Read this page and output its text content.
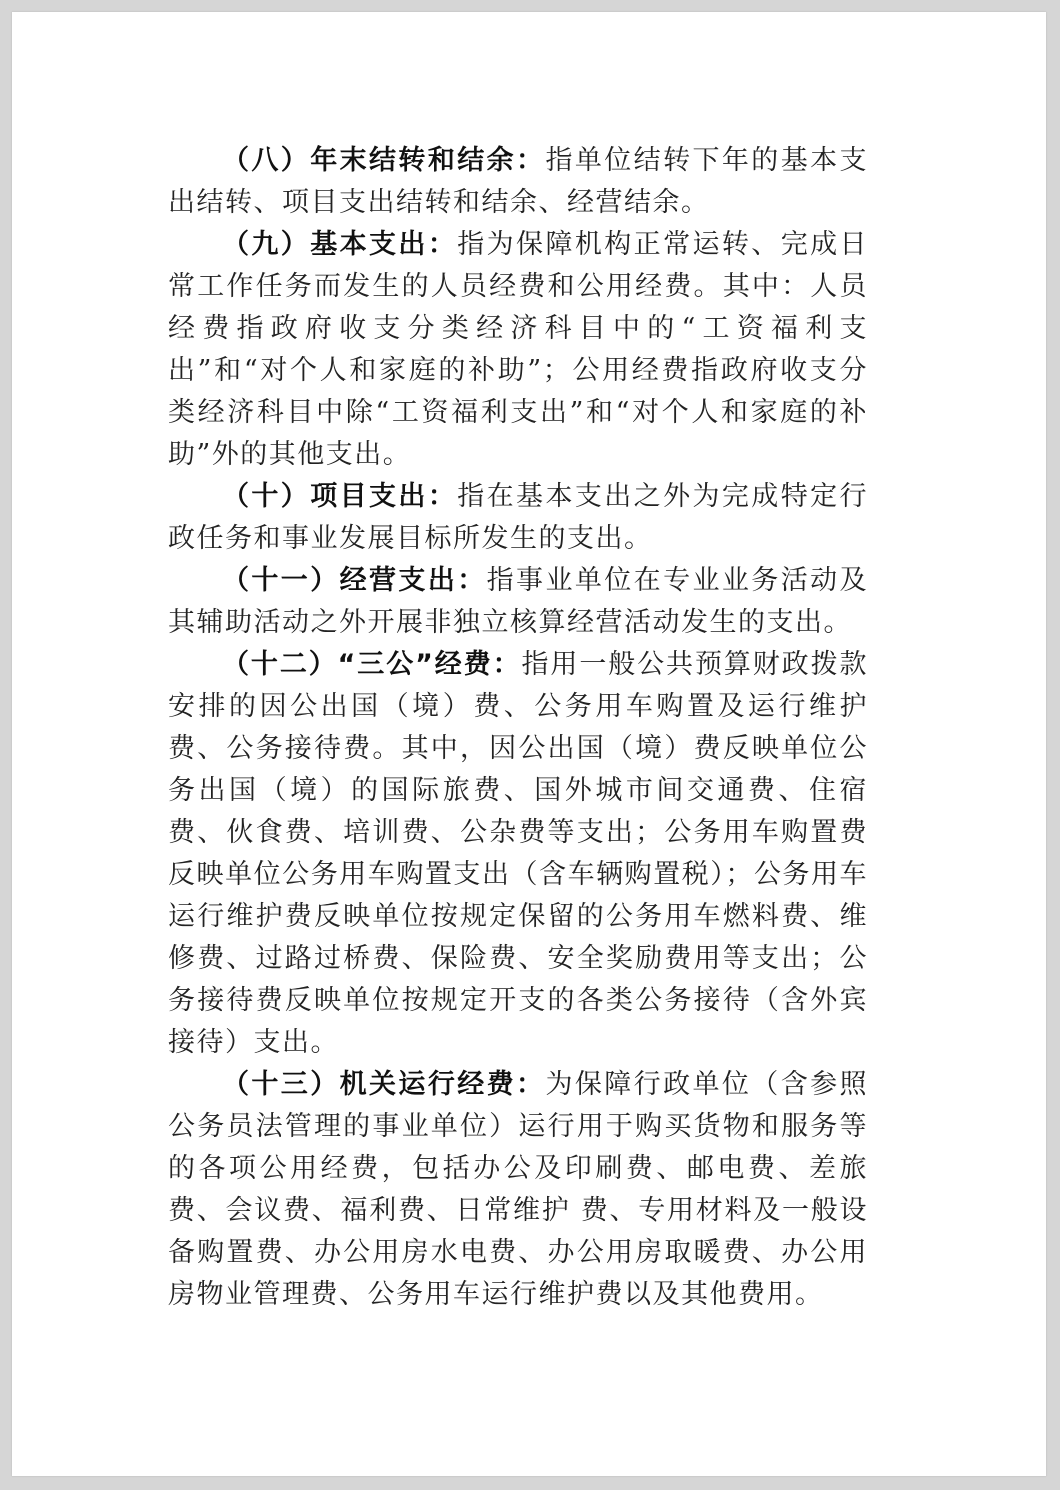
（八）年末结转和结余：指单位结转下年的基本支出结转、项目支出结转和结余、经营结余。

（九）基本支出：指为保障机构正常运转、完成日常工作任务而发生的人员经费和公用经费。其中：人员经费指政府收支分类经济科目中的“工资福利支出”和“对个人和家庭的补助”；公用经费指政府收支分类经济科目中除“工资福利支出”和“对个人和家庭的补助”外的其他支出。

（十）项目支出：指在基本支出之外为完成特定行政任务和事业发展目标所发生的支出。

（十一）经营支出：指事业单位在专业业务活动及其辅助活动之外开展非独立核算经营活动发生的支出。

（十二）“三公”经费：指用一般公共预算财政拨款安排的因公出国（境）费、公务用车购置及运行维护费、公务接待费。其中，因公出国（境）费反映单位公务出国（境）的国际旅费、国外城市间交通费、住宿费、伙食费、培训费、公杂费等支出；公务用车购置费反映单位公务用车购置支出（含车辆购置税）；公务用车运行维护费反映单位按规定保留的公务用车燃料费、维修费、过路过桥费、保险费、安全奖励费用等支出；公务接待费反映单位按规定开支的各类公务接待（含外宾接待）支出。

（十三）机关运行经费：为保障行政单位（含参照公务员法管理的事业单位）运行用于购买货物和服务等的各项公用经费，包括办公及印刷费、邮电费、差旅费、会议费、福利费、日常维护 费、专用材料及一般设备购置费、办公用房水电费、办公用房取暖费、办公用房物业管理费、公务用车运行维护费以及其他费用。
